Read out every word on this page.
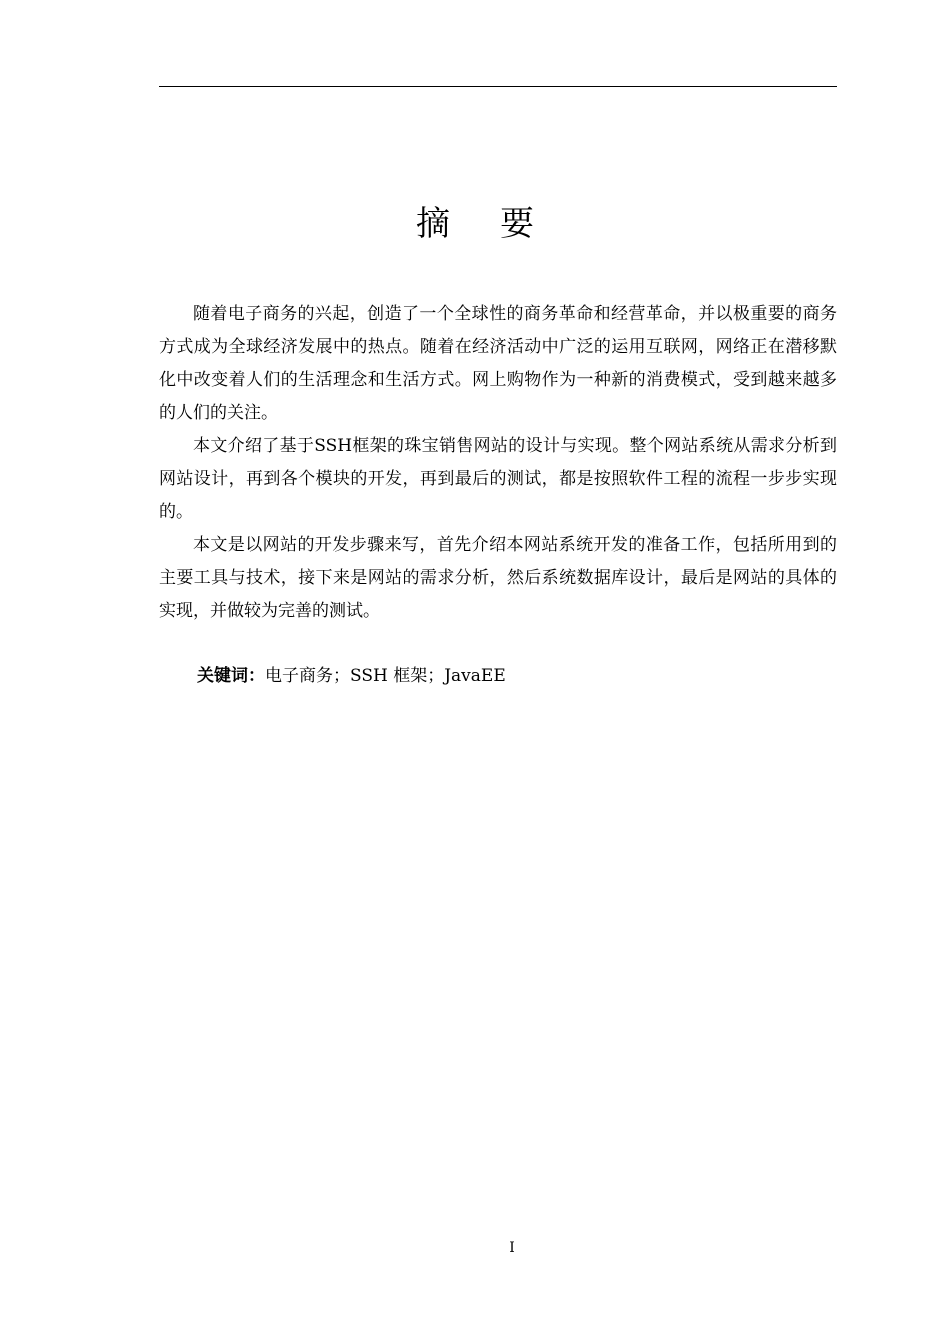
摘 要

随着电子商务的兴起，创造了一个全球性的商务革命和经营革命，并以极重要的商务方式成为全球经济发展中的热点。随着在经济活动中广泛的运用互联网，网络正在潜移默化中改变着人们的生活理念和生活方式。网上购物作为一种新的消费模式，受到越来越多的人们的关注。

本文介绍了基于SSH框架的珠宝销售网站的设计与实现。整个网站系统从需求分析到网站设计，再到各个模块的开发，再到最后的测试，都是按照软件工程的流程一步步实现的。

本文是以网站的开发步骤来写，首先介绍本网站系统开发的准备工作，包括所用到的主要工具与技术，接下来是网站的需求分析，然后系统数据库设计，最后是网站的具体的实现，并做较为完善的测试。

关键词：电子商务；SSH 框架；JavaEE
I
